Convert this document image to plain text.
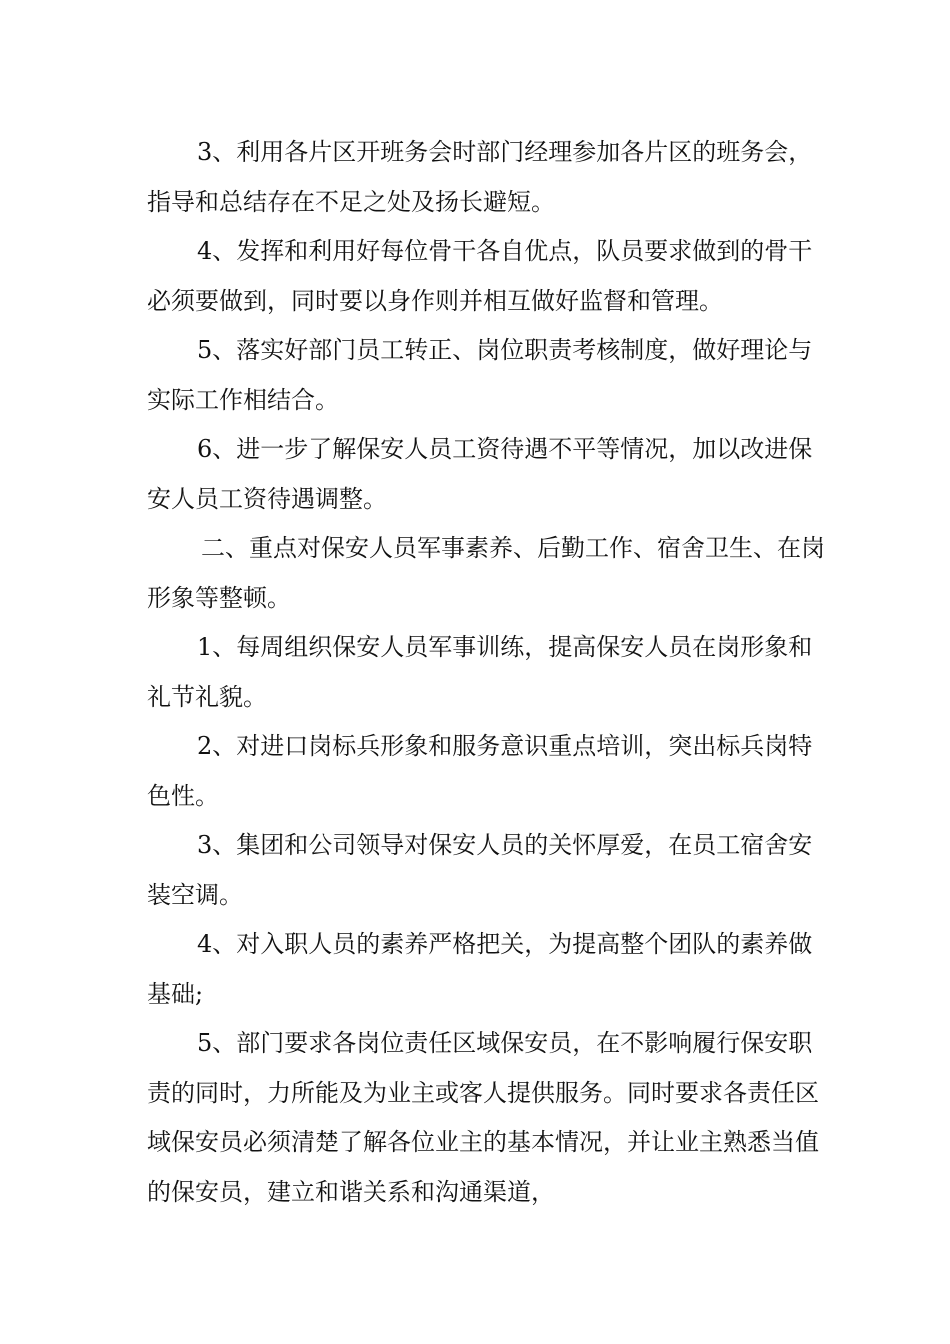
3、利用各片区开班务会时部门经理参加各片区的班务会，指导和总结存在不足之处及扬长避短。

4、发挥和利用好每位骨干各自优点，队员要求做到的骨干必须要做到，同时要以身作则并相互做好监督和管理。

5、落实好部门员工转正、岗位职责考核制度，做好理论与实际工作相结合。

6、进一步了解保安人员工资待遇不平等情况，加以改进保安人员工资待遇调整。

二、重点对保安人员军事素养、后勤工作、宿舍卫生、在岗形象等整顿。

1、每周组织保安人员军事训练，提高保安人员在岗形象和礼节礼貌。

2、对进口岗标兵形象和服务意识重点培训，突出标兵岗特色性。

3、集团和公司领导对保安人员的关怀厚爱，在员工宿舍安装空调。

4、对入职人员的素养严格把关，为提高整个团队的素养做基础;

5、部门要求各岗位责任区域保安员，在不影响履行保安职责的同时，力所能及为业主或客人提供服务。同时要求各责任区域保安员必须清楚了解各位业主的基本情况，并让业主熟悉当值的保安员，建立和谐关系和沟通渠道，
